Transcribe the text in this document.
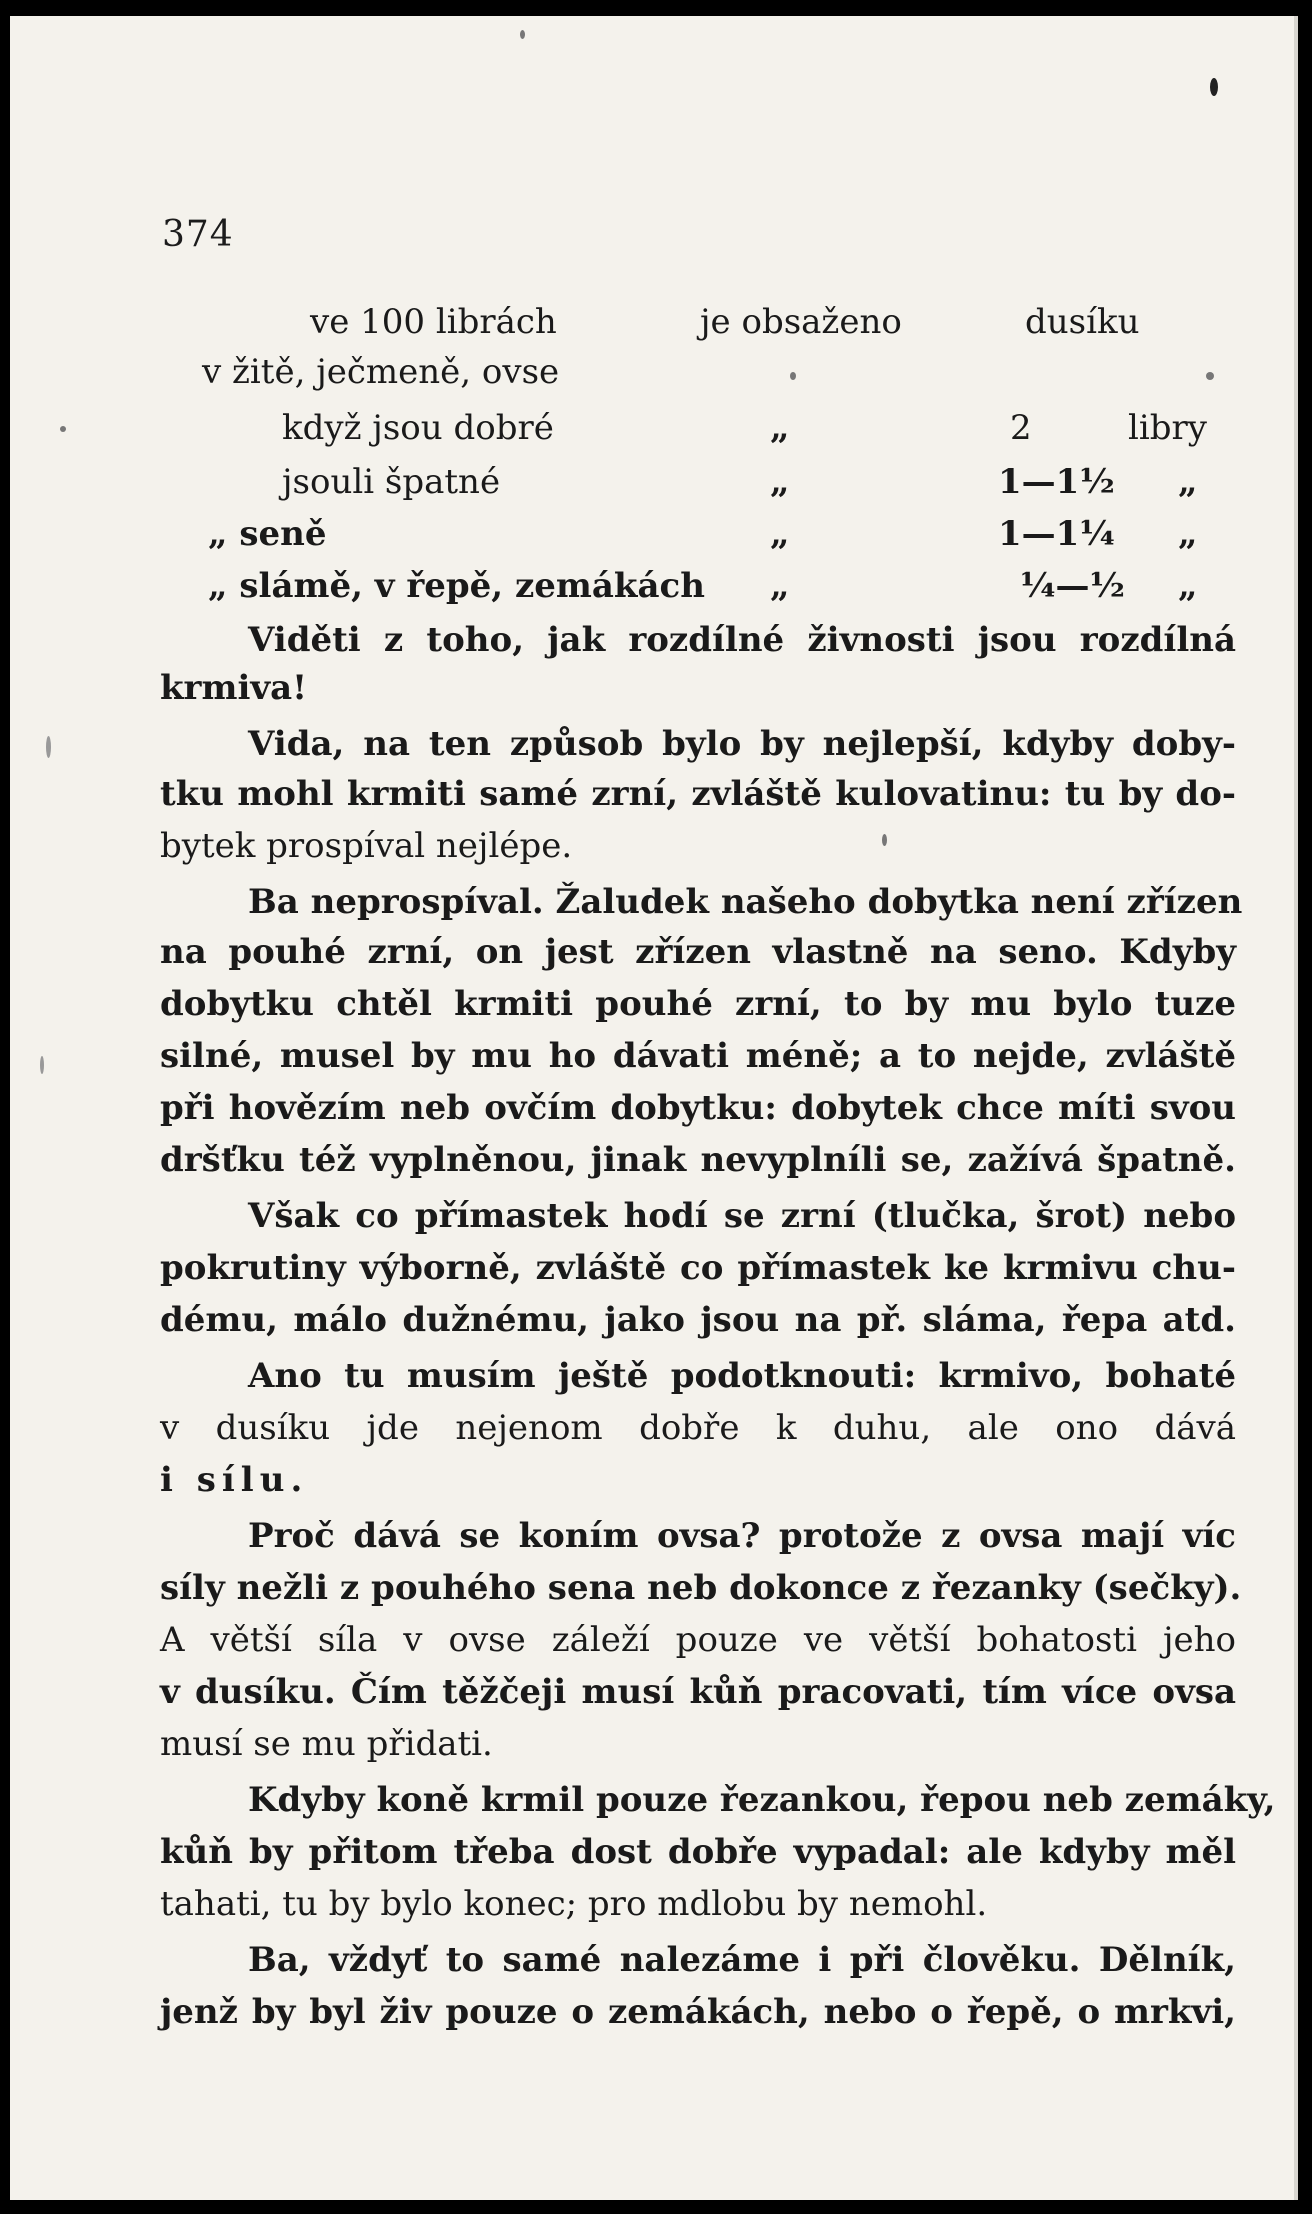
374
ve 100 librách	je obsaženo	dusíku
v žitě, ječmeně, ovse
když jsou dobré	„	2	libry
jsouli špatné	„	1—1½ „
„ seně	„	1—1¼ „
„ slámě, v řepě, zemákách „	¼—½ „

Viděti z toho, jak rozdílné živnosti jsou rozdílná

krmiva!

Vida, na ten způsob bylo by nejlepší, kdyby doby-

tku mohl krmiti samé zrní, zvláště kulovatinu: tu by do-

bytek prospíval nejlépe.

Ba neprospíval. Žaludek našeho dobytka není zřízen

na pouhé zrní, on jest zřízen vlastně na seno. Kdyby

dobytku chtěl krmiti pouhé zrní, to by mu bylo tuze

silné, musel by mu ho dávati méně; a to nejde, zvláště

při hovězím neb ovčím dobytku: dobytek chce míti svou

dršťku též vyplněnou, jinak nevyplníli se, zažívá špatně.

Však co přímastek hodí se zrní (tlučka, šrot) nebo

pokrutiny výborně, zvláště co přímastek ke krmivu chu-

dému, málo dužnému, jako jsou na př. sláma, řepa atd.

Ano tu musím ještě podotknouti: krmivo, bohaté

v dusíku jde nejenom dobře k duhu, ale ono dává

i sílu.

Proč dává se koním ovsa? protože z ovsa mají víc

síly nežli z pouhého sena neb dokonce z řezanky (sečky).

A větší síla v ovse záleží pouze ve větší bohatosti jeho

v dusíku. Čím těžčeji musí kůň pracovati, tím více ovsa

musí se mu přidati.

Kdyby koně krmil pouze řezankou, řepou neb zemáky,

kůň by přitom třeba dost dobře vypadal: ale kdyby měl

tahati, tu by bylo konec; pro mdlobu by nemohl.

Ba, vždyť to samé nalezáme i při člověku. Dělník,

jenž by byl živ pouze o zemákách, nebo o řepě, o mrkvi,
